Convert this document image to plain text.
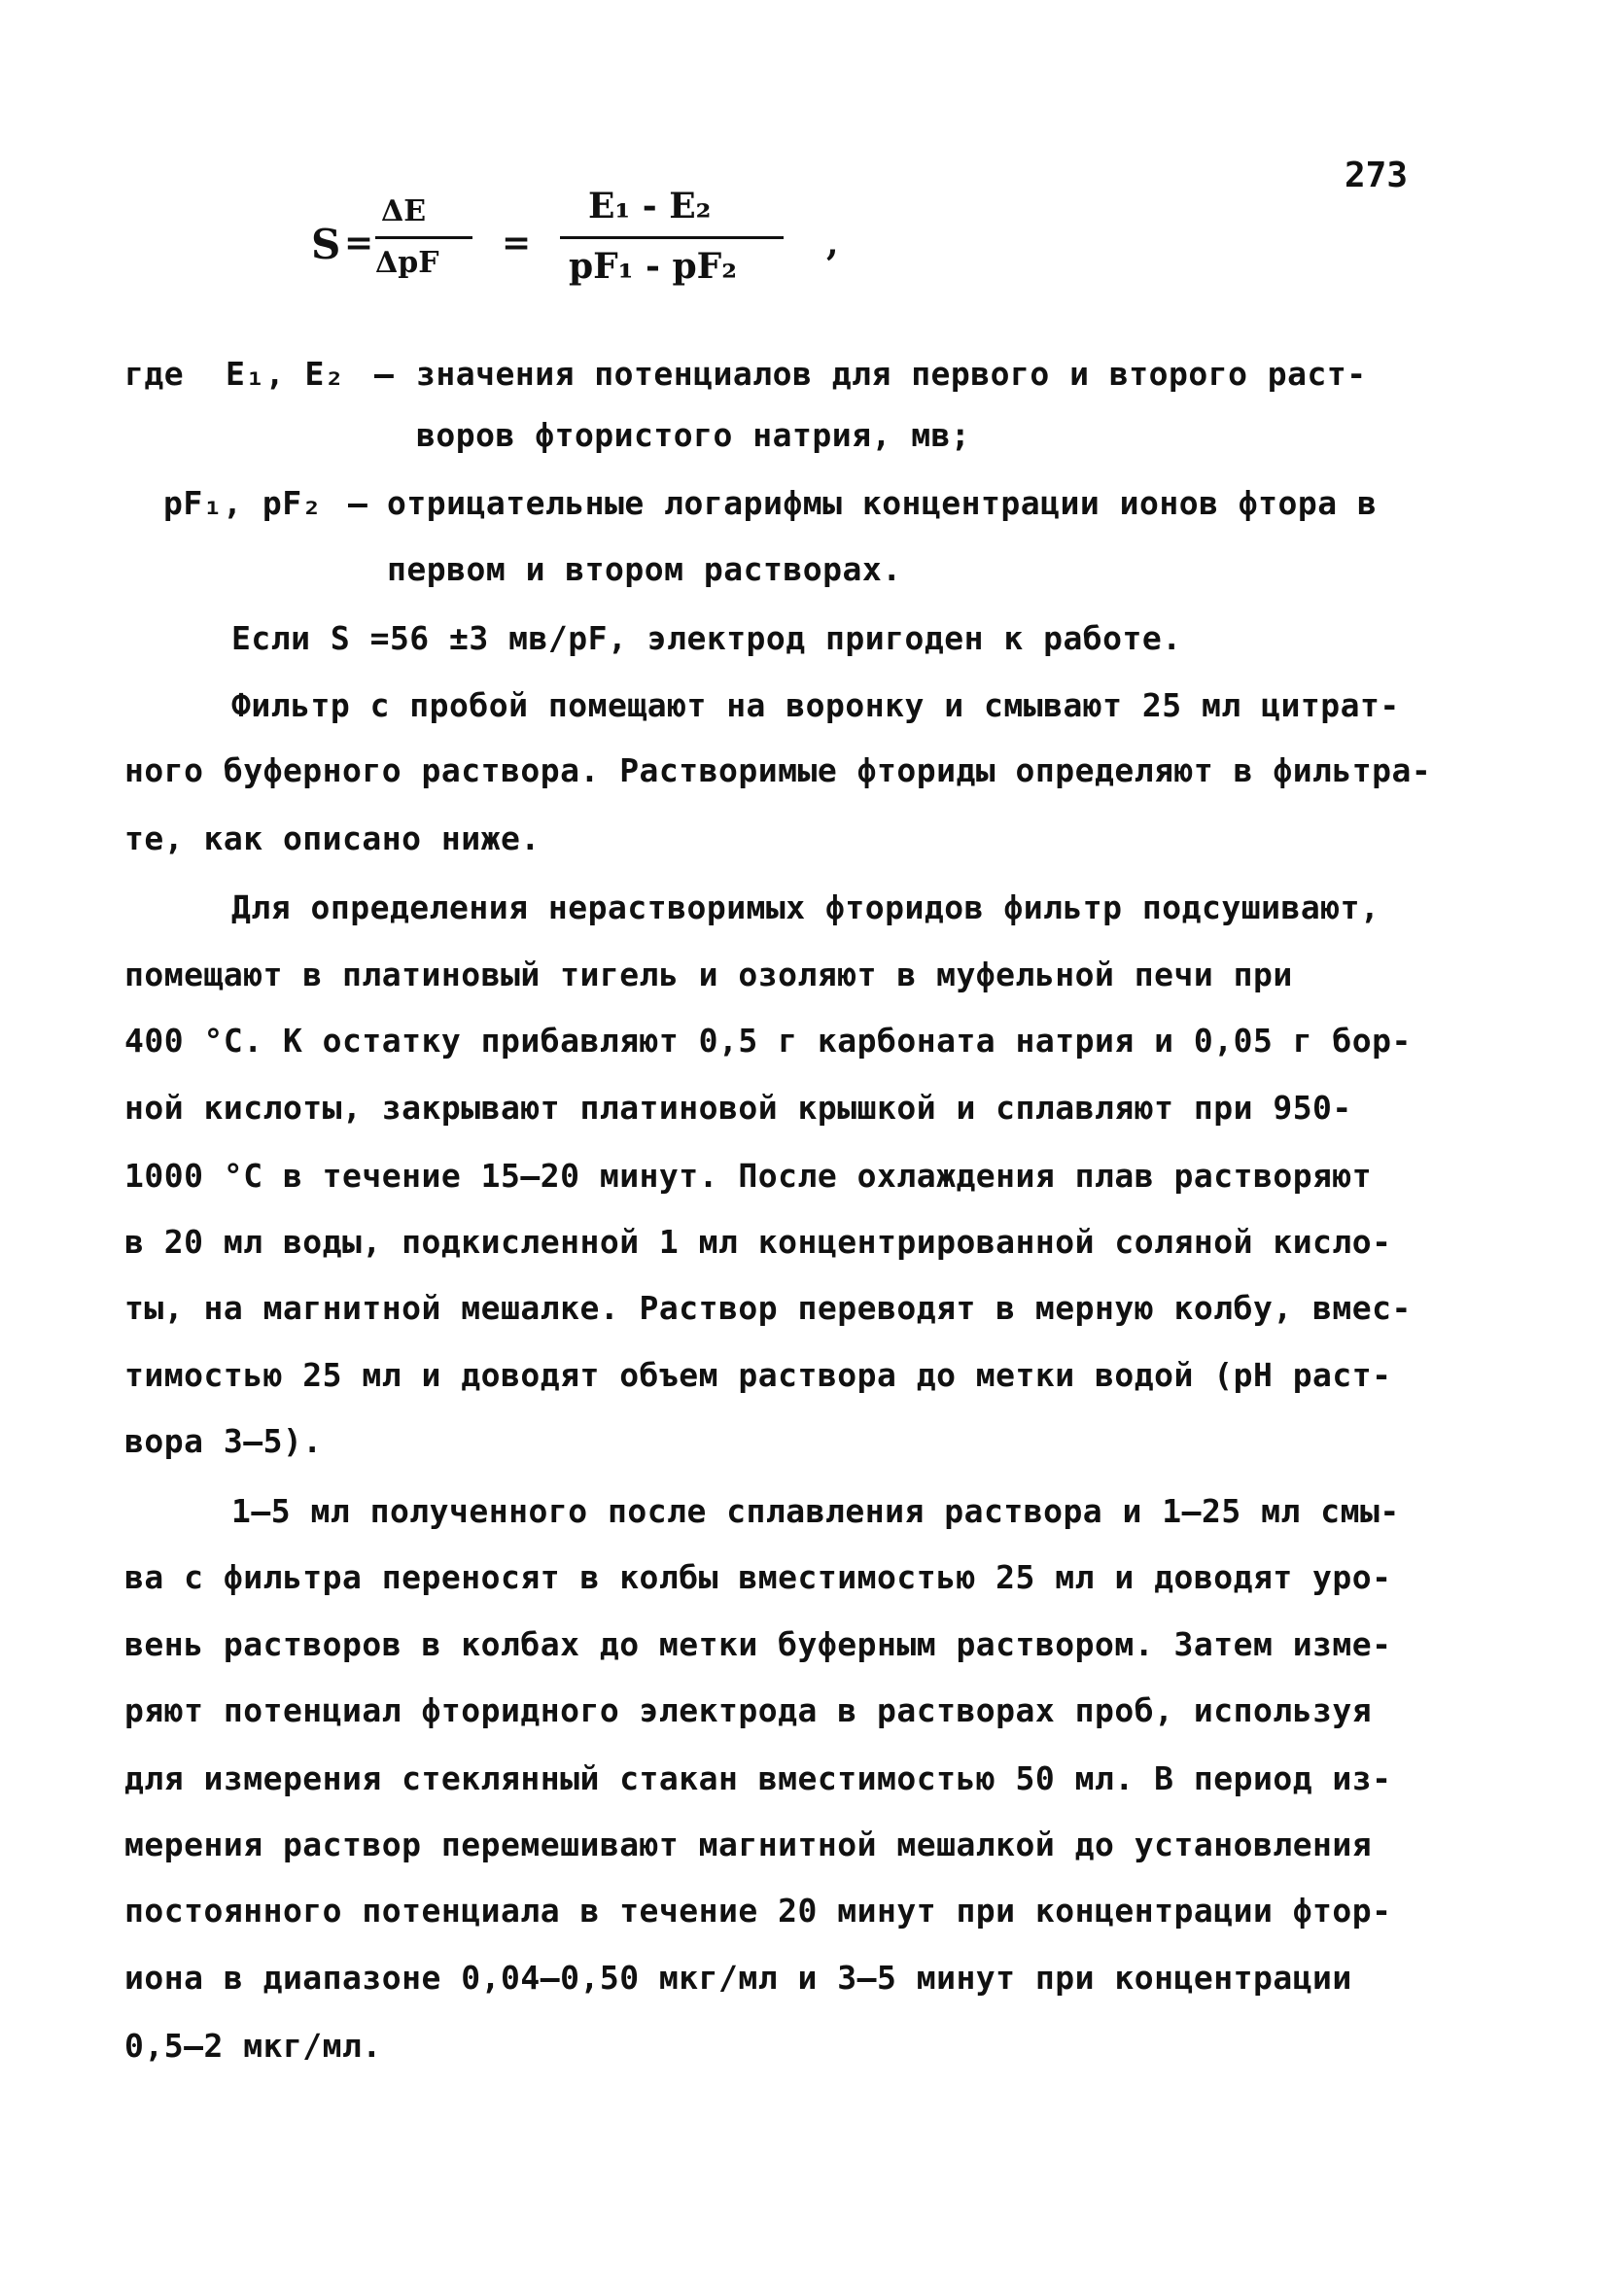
273
S =
ΔE
ΔpF =
E₁ - E₂
pF₁ - pF₂
,
где E₁, E₂ – значения потенциалов для первого и второго раст-
воров фтористого натрия, мв;
pF₁, pF₂ – отрицательные логарифмы концентрации ионов фтора в
первом и втором растворах.
Если S =56 ±3 мв/pF, электрод пригоден к работе.
Фильтр с пробой помещают на воронку и смывают 25 мл цитрат-
ного буферного раствора. Растворимые фториды определяют в фильтра-
те, как описано ниже.
Для определения нерастворимых фторидов фильтр подсушивают,
помещают в платиновый тигель и озоляют в муфельной печи при
400 °С. К остатку прибавляют 0,5 г карбоната натрия и 0,05 г бор-
ной кислоты, закрывают платиновой крышкой и сплавляют при 950-
1000 °С в течение 15–20 минут. После охлаждения плав растворяют
в 20 мл воды, подкисленной 1 мл концентрированной соляной кисло-
ты, на магнитной мешалке. Раствор переводят в мерную колбу, вмес-
тимостью 25 мл и доводят объем раствора до метки водой (pH раст-
вора 3–5).
1–5 мл полученного после сплавления раствора и 1–25 мл смы-
ва с фильтра переносят в колбы вместимостью 25 мл и доводят уро-
вень растворов в колбах до метки буферным раствором. Затем изме-
ряют потенциал фторидного электрода в растворах проб, используя
для измерения стеклянный стакан вместимостью 50 мл. В период из-
мерения раствор перемешивают магнитной мешалкой до установления
постоянного потенциала в течение 20 минут при концентрации фтор-
иона в диапазоне 0,04–0,50 мкг/мл и 3–5 минут при концентрации
0,5–2 мкг/мл.
